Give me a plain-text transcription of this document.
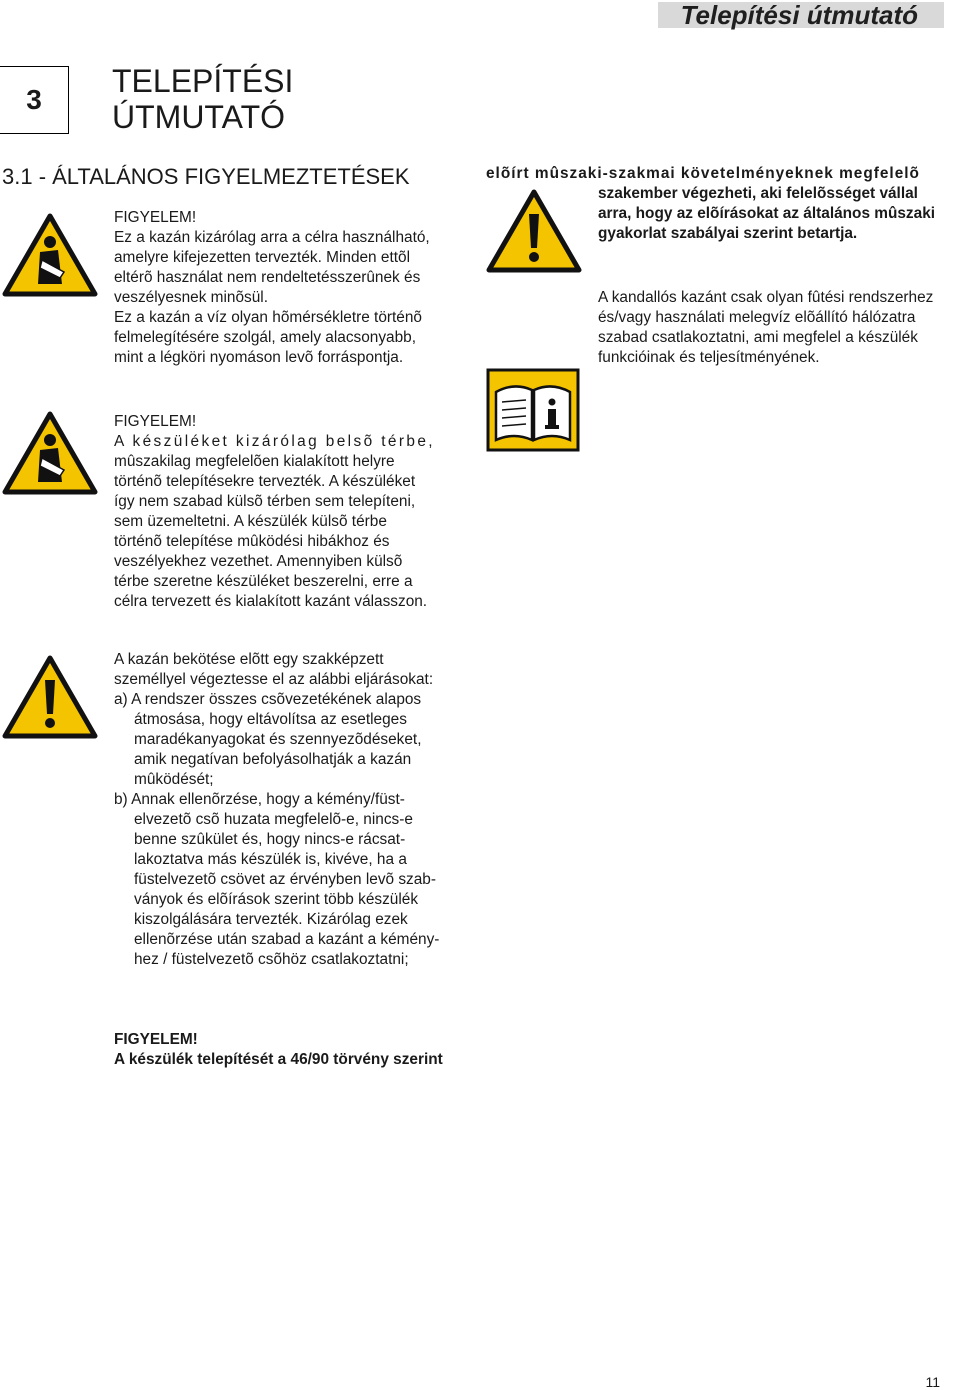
Telepítési útmutató
3
TELEPÍTÉSI
ÚTMUTATÓ
3.1 - ÁLTALÁNOS FIGYELMEZTETÉSEK
FIGYELEM!
Ez a kazán kizárólag arra a célra használható,
amelyre kifejezetten tervezték. Minden ettõl
eltérõ használat nem rendeltetésszerûnek és
veszélyesnek minõsül.
Ez a kazán a víz olyan hõmérsékletre történõ
felmelegítésére szolgál, amely alacsonyabb,
mint a légköri nyomáson levõ forráspontja.
FIGYELEM!
A készüléket kizárólag belsõ térbe,
mûszakilag megfelelõen kialakított helyre
történõ telepítésekre tervezték. A készüléket
így nem szabad külsõ térben sem telepíteni,
sem üzemeltetni. A készülék külsõ térbe
történõ telepítése mûködési hibákhoz és
veszélyekhez vezethet. Amennyiben külsõ
térbe szeretne készüléket beszerelni, erre a
célra tervezett és kialakított kazánt válasszon.
A kazán bekötése elõtt egy szakképzett
személlyel végeztesse el az alábbi eljárásokat:
a) A rendszer összes csõvezetékének alapos
átmosása, hogy eltávolítsa az esetleges
maradékanyagokat és szennyezõdéseket,
amik negatívan befolyásolhatják a kazán
mûködését;
b) Annak ellenõrzése, hogy a kémény/füst-
elvezetõ csõ huzata megfelelõ-e, nincs-e
benne szûkület és, hogy nincs-e rácsat-
lakoztatva más készülék is, kivéve, ha a
füstelvezetõ csövet az érvényben levõ szab-
ványok és elõírások szerint több készülék
kiszolgálására tervezték. Kizárólag ezek
ellenõrzése után szabad a kazánt a kémény-
hez / füstelvezetõ csõhöz csatlakoztatni;
FIGYELEM!
A készülék telepítését a 46/90 törvény szerint
elõírt mûszaki-szakmai követelményeknek megfelelõ
szakember végezheti, aki felelõsséget vállal
arra, hogy az elõírásokat az általános mûszaki
gyakorlat szabályai szerint betartja.
A kandallós kazánt csak olyan fûtési rendszerhez
és/vagy használati melegvíz elõállító hálózatra
szabad csatlakoztatni, ami megfelel a készülék
funkcióinak és teljesítményének.
11
